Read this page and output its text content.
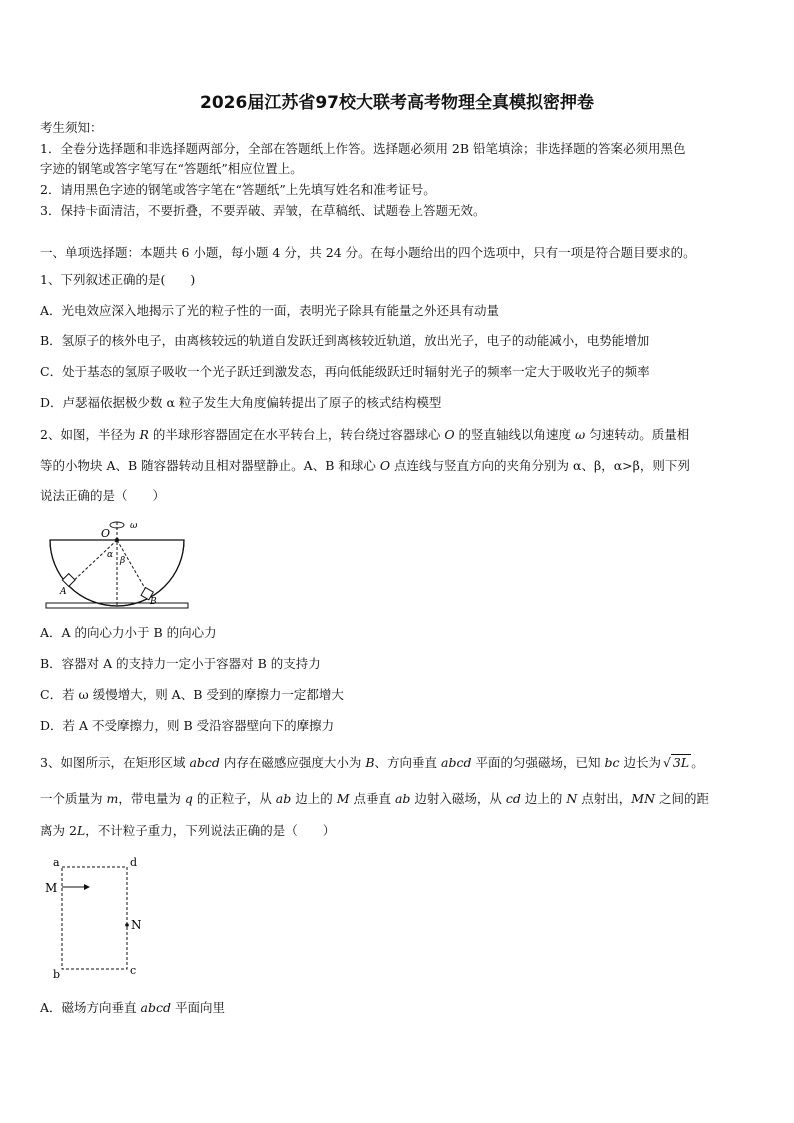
2026届江苏省97校大联考高考物理全真模拟密押卷
考生须知：
1．全卷分选择题和非选择题两部分，全部在答题纸上作答。选择题必须用 2B 铅笔填涂；非选择题的答案必须用黑色
字迹的钢笔或答字笔写在“答题纸”相应位置上。
2．请用黑色字迹的钢笔或答字笔在“答题纸”上先填写姓名和准考证号。
3．保持卡面清洁，不要折叠，不要弄破、弄皱，在草稿纸、试题卷上答题无效。
一、单项选择题：本题共 6 小题，每小题 4 分，共 24 分。在每小题给出的四个选项中，只有一项是符合题目要求的。
1、下列叙述正确的是(　　)
A．光电效应深入地揭示了光的粒子性的一面，表明光子除具有能量之外还具有动量
B．氢原子的核外电子，由离核较远的轨道自发跃迁到离核较近轨道，放出光子，电子的动能减小，电势能增加
C．处于基态的氢原子吸收一个光子跃迁到激发态，再向低能级跃迁时辐射光子的频率一定大于吸收光子的频率
D．卢瑟福依据极少数 α 粒子发生大角度偏转提出了原子的核式结构模型
2、如图，半径为 R 的半球形容器固定在水平转台上，转台绕过容器球心 O 的竖直轴线以角速度 ω 匀速转动。质量相
等的小物块 A、B 随容器转动且相对器壁静止。A、B 和球心 O 点连线与竖直方向的夹角分别为 α、β，α>β，则下列
说法正确的是（　　）
O
ω
α
β
A
B
A．A 的向心力小于 B 的向心力
B．容器对 A 的支持力一定小于容器对 B 的支持力
C．若 ω 缓慢增大，则 A、B 受到的摩擦力一定都增大
D．若 A 不受摩擦力，则 B 受沿容器壁向下的摩擦力
3、如图所示，在矩形区域 abcd 内存在磁感应强度大小为 B、方向垂直 abcd 平面的匀强磁场，已知 bc 边长为 √ 3L 。
一个质量为 m，带电量为 q 的正粒子，从 ab 边上的 M 点垂直 ab 边射入磁场，从 cd 边上的 N 点射出，MN 之间的距
离为 2L，不计粒子重力，下列说法正确的是（　　）
a	d
M
N
b	c
A．磁场方向垂直 abcd 平面向里
